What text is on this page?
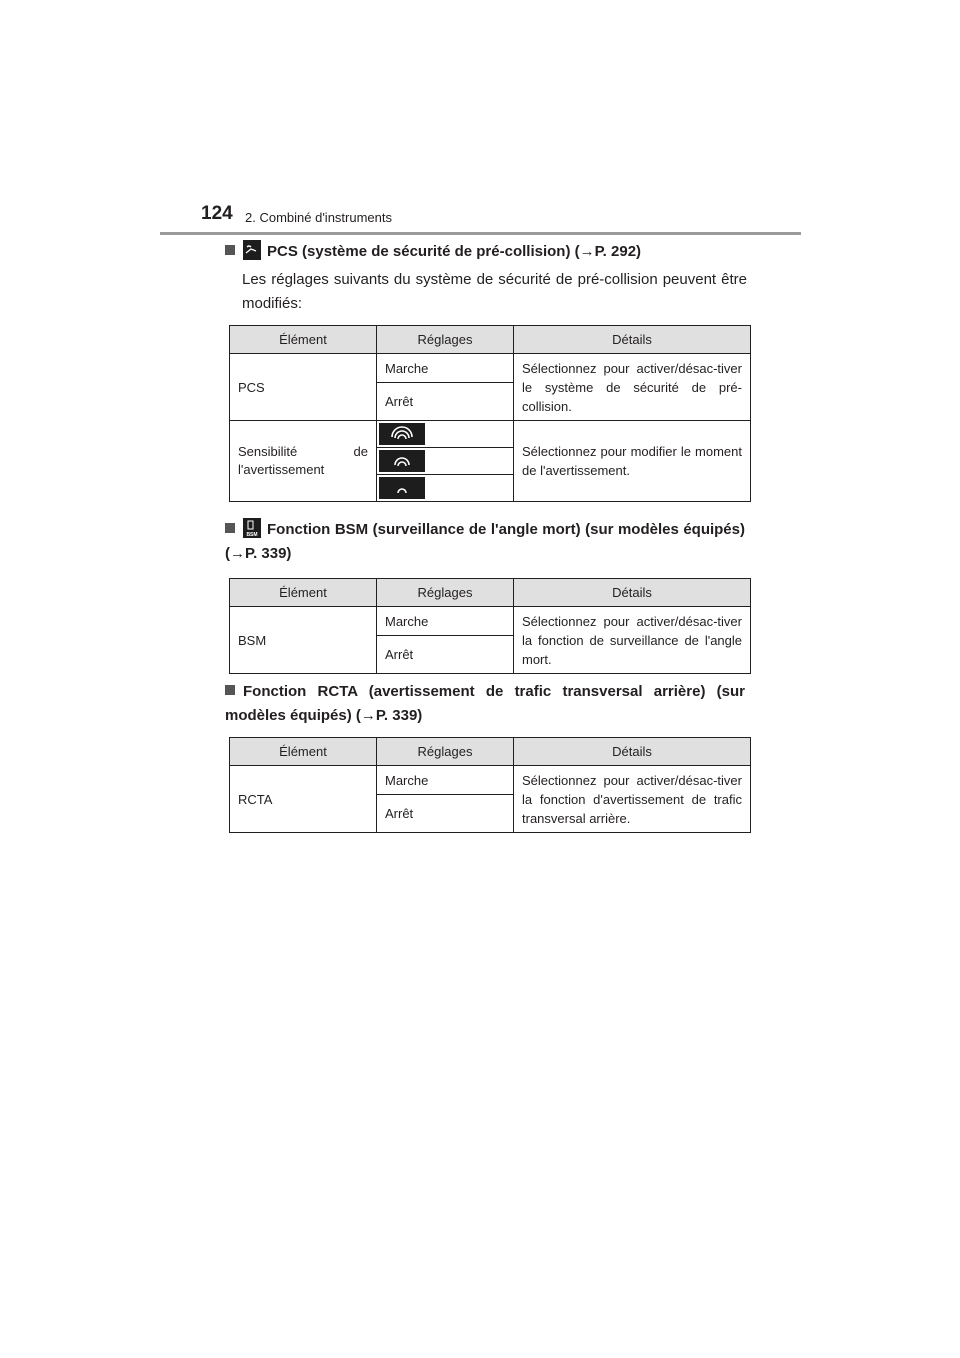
124 2. Combiné d'instruments
PCS (système de sécurité de pré-collision) (→P. 292)
Les réglages suivants du système de sécurité de pré-collision peuvent être modifiés:
Élément	Réglages	Détails
PCS	Marche	Sélectionnez pour activer/désac-tiver le système de sécurité de pré-collision.
	Arrêt	
Sensibilité de l'avertissement		Sélectionnez pour modifier le moment de l'avertissement.

BSM Fonction BSM (surveillance de l'angle mort) (sur modèles équipés) (→P. 339)
Élément	Réglages	Détails
BSM	Marche	Sélectionnez pour activer/désac-tiver la fonction de surveillance de l'angle mort.
	Arrêt	
Fonction RCTA (avertissement de trafic transversal arrière) (sur modèles équipés) (→P. 339)
Élément	Réglages	Détails
RCTA	Marche	Sélectionnez pour activer/désac-tiver la fonction d'avertissement de trafic transversal arrière.
	Arrêt	
